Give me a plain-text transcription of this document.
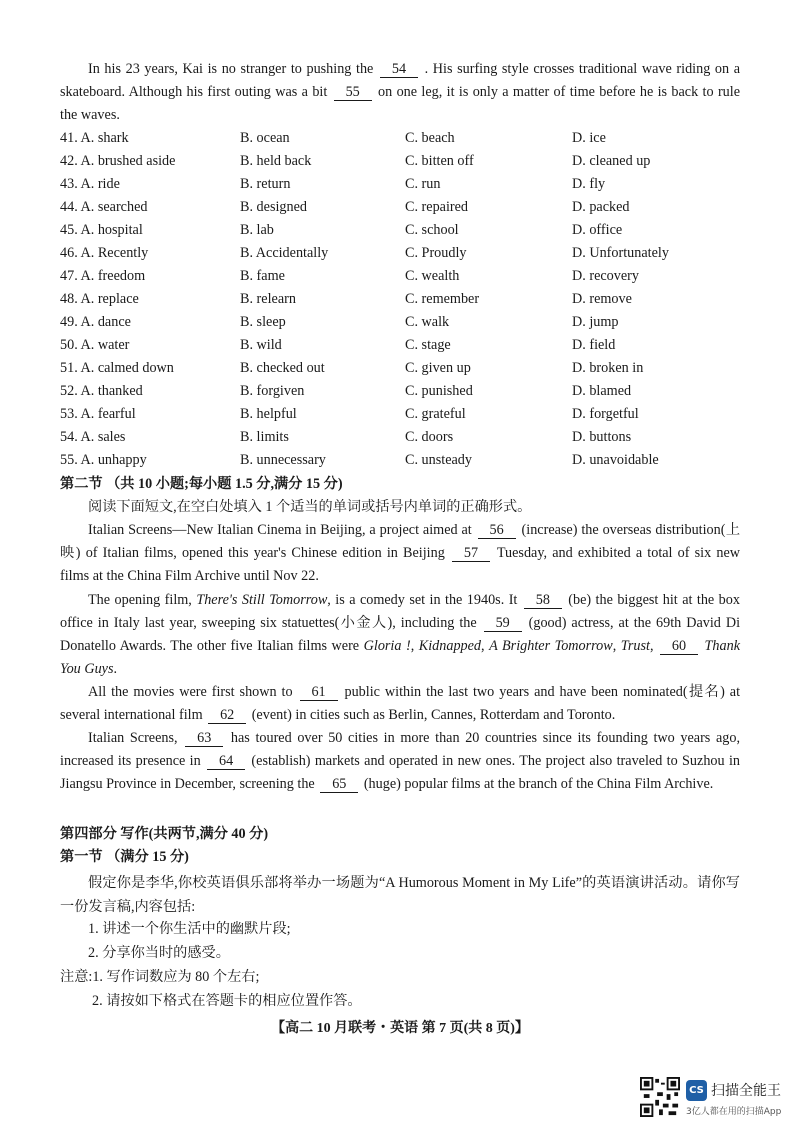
In his 23 years, Kai is no stranger to pushing the 54 . His surfing style crosses traditional wave riding on a skateboard. Although his first outing was a bit 55 on one leg, it is only a matter of time before he is back to rule the waves.

41. A. shark	B. ocean	C. beach	D. ice
42. A. brushed aside	B. held back	C. bitten off	D. cleaned up
43. A. ride	B. return	C. run	D. fly
44. A. searched	B. designed	C. repaired	D. packed
45. A. hospital	B. lab	C. school	D. office
46. A. Recently	B. Accidentally	C. Proudly	D. Unfortunately
47. A. freedom	B. fame	C. wealth	D. recovery
48. A. replace	B. relearn	C. remember	D. remove
49. A. dance	B. sleep	C. walk	D. jump
50. A. water	B. wild	C. stage	D. field
51. A. calmed down	B. checked out	C. given up	D. broken in
52. A. thanked	B. forgiven	C. punished	D. blamed
53. A. fearful	B. helpful	C. grateful	D. forgetful
54. A. sales	B. limits	C. doors	D. buttons
55. A. unhappy	B. unnecessary	C. unsteady	D. unavoidable
第二节 （共 10 小题;每小题 1.5 分,满分 15 分)
阅读下面短文,在空白处填入 1 个适当的单词或括号内单词的正确形式。

Italian Screens—New Italian Cinema in Beijing, a project aimed at 56 (increase) the overseas distribution(上映) of Italian films, opened this year's Chinese edition in Beijing 57 Tuesday, and exhibited a total of six new films at the China Film Archive until Nov 22.

The opening film, There's Still Tomorrow, is a comedy set in the 1940s. It 58 (be) the biggest hit at the box office in Italy last year, sweeping six statuettes(小金人), including the 59 (good) actress, at the 69th David Di Donatello Awards. The other five Italian films were Gloria !, Kidnapped, A Brighter Tomorrow, Trust, 60 Thank You Guys.

All the movies were first shown to 61 public within the last two years and have been nominated(提名) at several international film 62 (event) in cities such as Berlin, Cannes, Rotterdam and Toronto.

Italian Screens, 63 has toured over 50 cities in more than 20 countries since its founding two years ago, increased its presence in 64 (establish) markets and operated in new ones. The project also traveled to Suzhou in Jiangsu Province in December, screening the 65 (huge) popular films at the branch of the China Film Archive.

第四部分 写作(共两节,满分 40 分)
第一节 （满分 15 分)

假定你是李华,你校英语俱乐部将举办一场题为“A Humorous Moment in My Life”的英语演讲活动。请你写一份发言稿,内容包括:

1. 讲述一个你生活中的幽默片段;
2. 分享你当时的感受。
注意:1. 写作词数应为 80 个左右;
2. 请按如下格式在答题卡的相应位置作答。
【高二 10 月联考・英语 第 7 页(共 8 页)】
CS 扫描全能王
3亿人都在用的扫描App
